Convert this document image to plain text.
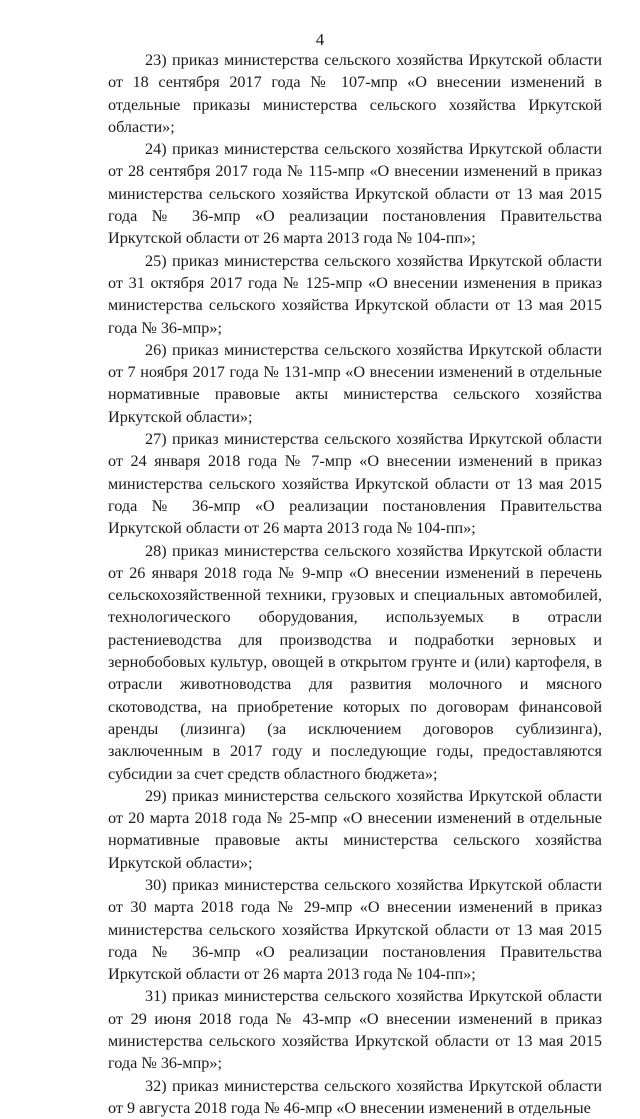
4

23) приказ министерства сельского хозяйства Иркутской области от 18 сентября 2017 года № 107-мпр «О внесении изменений в отдельные приказы министерства сельского хозяйства Иркутской области»;

24) приказ министерства сельского хозяйства Иркутской области от 28 сентября 2017 года № 115-мпр «О внесении изменений в приказ министерства сельского хозяйства Иркутской области от 13 мая 2015 года № 36-мпр «О реализации постановления Правительства Иркутской области от 26 марта 2013 года № 104-пп»;

25) приказ министерства сельского хозяйства Иркутской области от 31 октября 2017 года № 125-мпр «О внесении изменения в приказ министерства сельского хозяйства Иркутской области от 13 мая 2015 года № 36-мпр»;

26) приказ министерства сельского хозяйства Иркутской области от 7 ноября 2017 года № 131-мпр «О внесении изменений в отдельные нормативные правовые акты министерства сельского хозяйства Иркутской области»;

27) приказ министерства сельского хозяйства Иркутской области от 24 января 2018 года № 7-мпр «О внесении изменений в приказ министерства сельского хозяйства Иркутской области от 13 мая 2015 года № 36-мпр «О реализации постановления Правительства Иркутской области от 26 марта 2013 года № 104-пп»;

28) приказ министерства сельского хозяйства Иркутской области от 26 января 2018 года № 9-мпр «О внесении изменений в перечень сельскохозяйственной техники, грузовых и специальных автомобилей, технологического оборудования, используемых в отрасли растениеводства для производства и подработки зерновых и зернобобовых культур, овощей в открытом грунте и (или) картофеля, в отрасли животноводства для развития молочного и мясного скотоводства, на приобретение которых по договорам финансовой аренды (лизинга) (за исключением договоров сублизинга), заключенным в 2017 году и последующие годы, предоставляются субсидии за счет средств областного бюджета»;

29) приказ министерства сельского хозяйства Иркутской области от 20 марта 2018 года № 25-мпр «О внесении изменений в отдельные нормативные правовые акты министерства сельского хозяйства Иркутской области»;

30) приказ министерства сельского хозяйства Иркутской области от 30 марта 2018 года № 29-мпр «О внесении изменений в приказ министерства сельского хозяйства Иркутской области от 13 мая 2015 года № 36-мпр «О реализации постановления Правительства Иркутской области от 26 марта 2013 года № 104-пп»;

31) приказ министерства сельского хозяйства Иркутской области от 29 июня 2018 года № 43-мпр «О внесении изменений в приказ министерства сельского хозяйства Иркутской области от 13 мая 2015 года № 36-мпр»;

32) приказ министерства сельского хозяйства Иркутской области от 9 августа 2018 года № 46-мпр «О внесении изменений в отдельные
